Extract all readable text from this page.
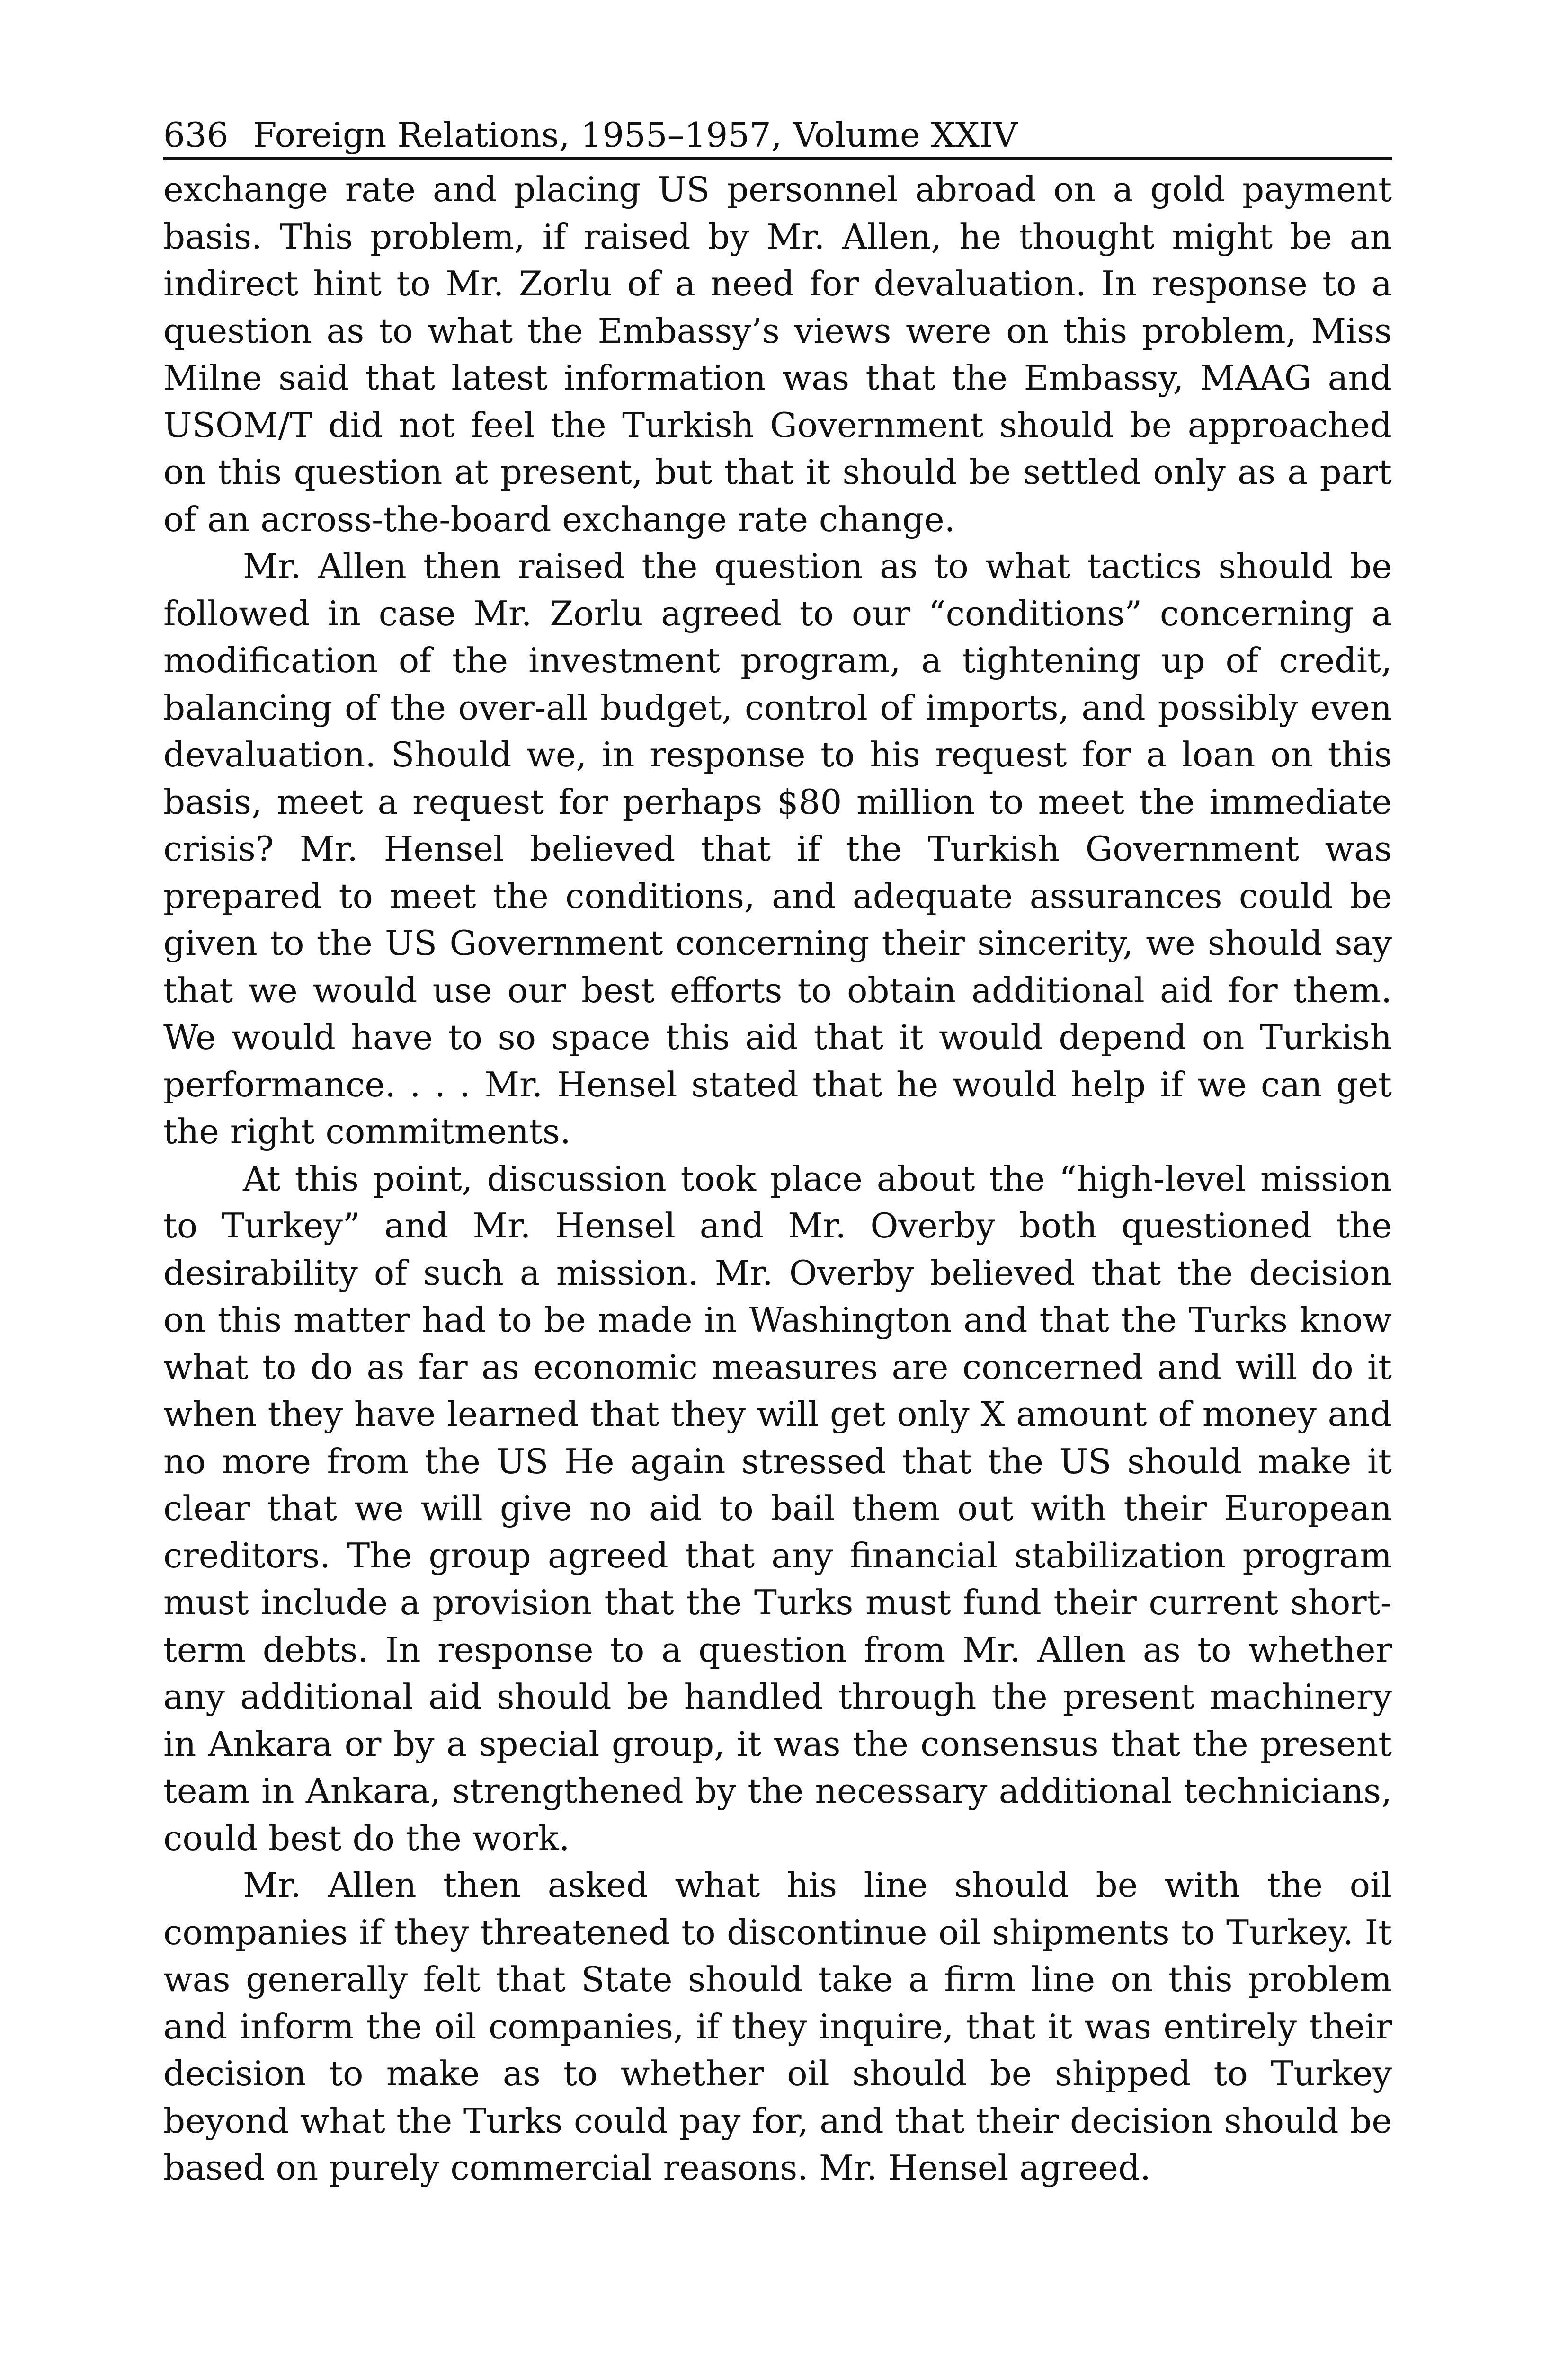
636 Foreign Relations, 1955–1957, Volume XXIV

exchange rate and placing US personnel abroad on a gold payment basis. This problem, if raised by Mr. Allen, he thought might be an indirect hint to Mr. Zorlu of a need for devaluation. In response to a question as to what the Embassy’s views were on this problem, Miss Milne said that latest information was that the Embassy, MAAG and USOM/T did not feel the Turkish Government should be approached on this question at present, but that it should be settled only as a part of an across-the-board exchange rate change.

Mr. Allen then raised the question as to what tactics should be followed in case Mr. Zorlu agreed to our “conditions” concerning a modification of the investment program, a tightening up of credit, balancing of the over-all budget, control of imports, and possibly even devaluation. Should we, in response to his request for a loan on this basis, meet a request for perhaps $80 million to meet the immediate crisis? Mr. Hensel believed that if the Turkish Government was prepared to meet the conditions, and adequate assurances could be given to the US Government concerning their sincerity, we should say that we would use our best efforts to obtain additional aid for them. We would have to so space this aid that it would depend on Turkish performance. . . . Mr. Hensel stated that he would help if we can get the right commitments.

At this point, discussion took place about the “high-level mission to Turkey” and Mr. Hensel and Mr. Overby both questioned the desirability of such a mission. Mr. Overby believed that the decision on this matter had to be made in Washington and that the Turks know what to do as far as economic measures are concerned and will do it when they have learned that they will get only X amount of money and no more from the US He again stressed that the US should make it clear that we will give no aid to bail them out with their European creditors. The group agreed that any financial stabilization program must include a provision that the Turks must fund their current short-term debts. In response to a question from Mr. Allen as to whether any additional aid should be handled through the present machinery in Ankara or by a special group, it was the consensus that the present team in Ankara, strengthened by the necessary additional technicians, could best do the work.

Mr. Allen then asked what his line should be with the oil companies if they threatened to discontinue oil shipments to Turkey. It was generally felt that State should take a firm line on this problem and inform the oil companies, if they inquire, that it was entirely their decision to make as to whether oil should be shipped to Turkey beyond what the Turks could pay for, and that their decision should be based on purely commercial reasons. Mr. Hensel agreed.
